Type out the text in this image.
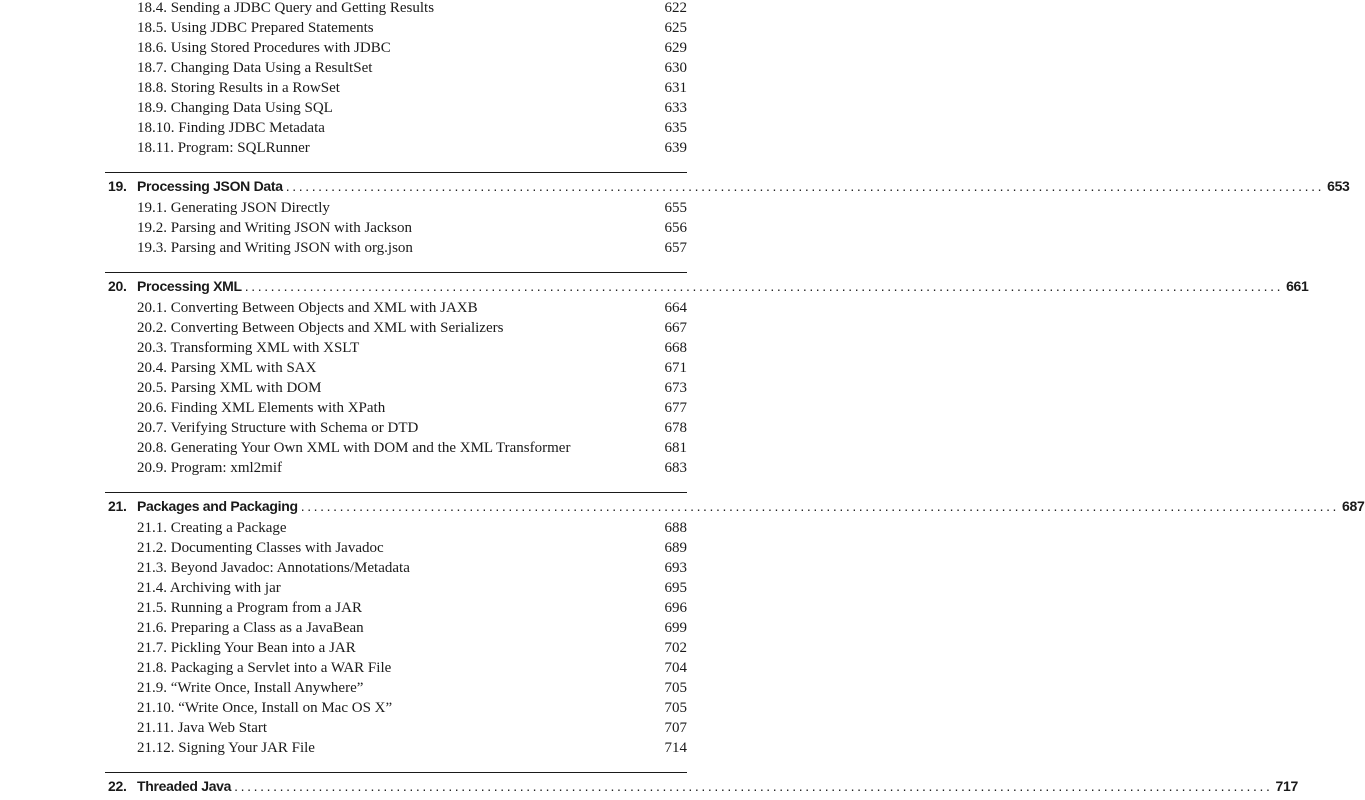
18.4. Sending a JDBC Query and Getting Results	622
18.5. Using JDBC Prepared Statements	625
18.6. Using Stored Procedures with JDBC	629
18.7. Changing Data Using a ResultSet	630
18.8. Storing Results in a RowSet	631
18.9. Changing Data Using SQL	633
18.10. Finding JDBC Metadata	635
18.11. Program: SQLRunner	639
19. Processing JSON Data ................................................................................................................................................................ 653
19.1. Generating JSON Directly	655
19.2. Parsing and Writing JSON with Jackson	656
19.3. Parsing and Writing JSON with org.json	657
20. Processing XML ................................................................................................................................................................ 661
20.1. Converting Between Objects and XML with JAXB	664
20.2. Converting Between Objects and XML with Serializers	667
20.3. Transforming XML with XSLT	668
20.4. Parsing XML with SAX	671
20.5. Parsing XML with DOM	673
20.6. Finding XML Elements with XPath	677
20.7. Verifying Structure with Schema or DTD	678
20.8. Generating Your Own XML with DOM and the XML Transformer	681
20.9. Program: xml2mif	683
21. Packages and Packaging ................................................................................................................................................................ 687
21.1. Creating a Package	688
21.2. Documenting Classes with Javadoc	689
21.3. Beyond Javadoc: Annotations/Metadata	693
21.4. Archiving with jar	695
21.5. Running a Program from a JAR	696
21.6. Preparing a Class as a JavaBean	699
21.7. Pickling Your Bean into a JAR	702
21.8. Packaging a Servlet into a WAR File	704
21.9. “Write Once, Install Anywhere”	705
21.10. “Write Once, Install on Mac OS X”	705
21.11. Java Web Start	707
21.12. Signing Your JAR File	714
22. Threaded Java ................................................................................................................................................................ 717
